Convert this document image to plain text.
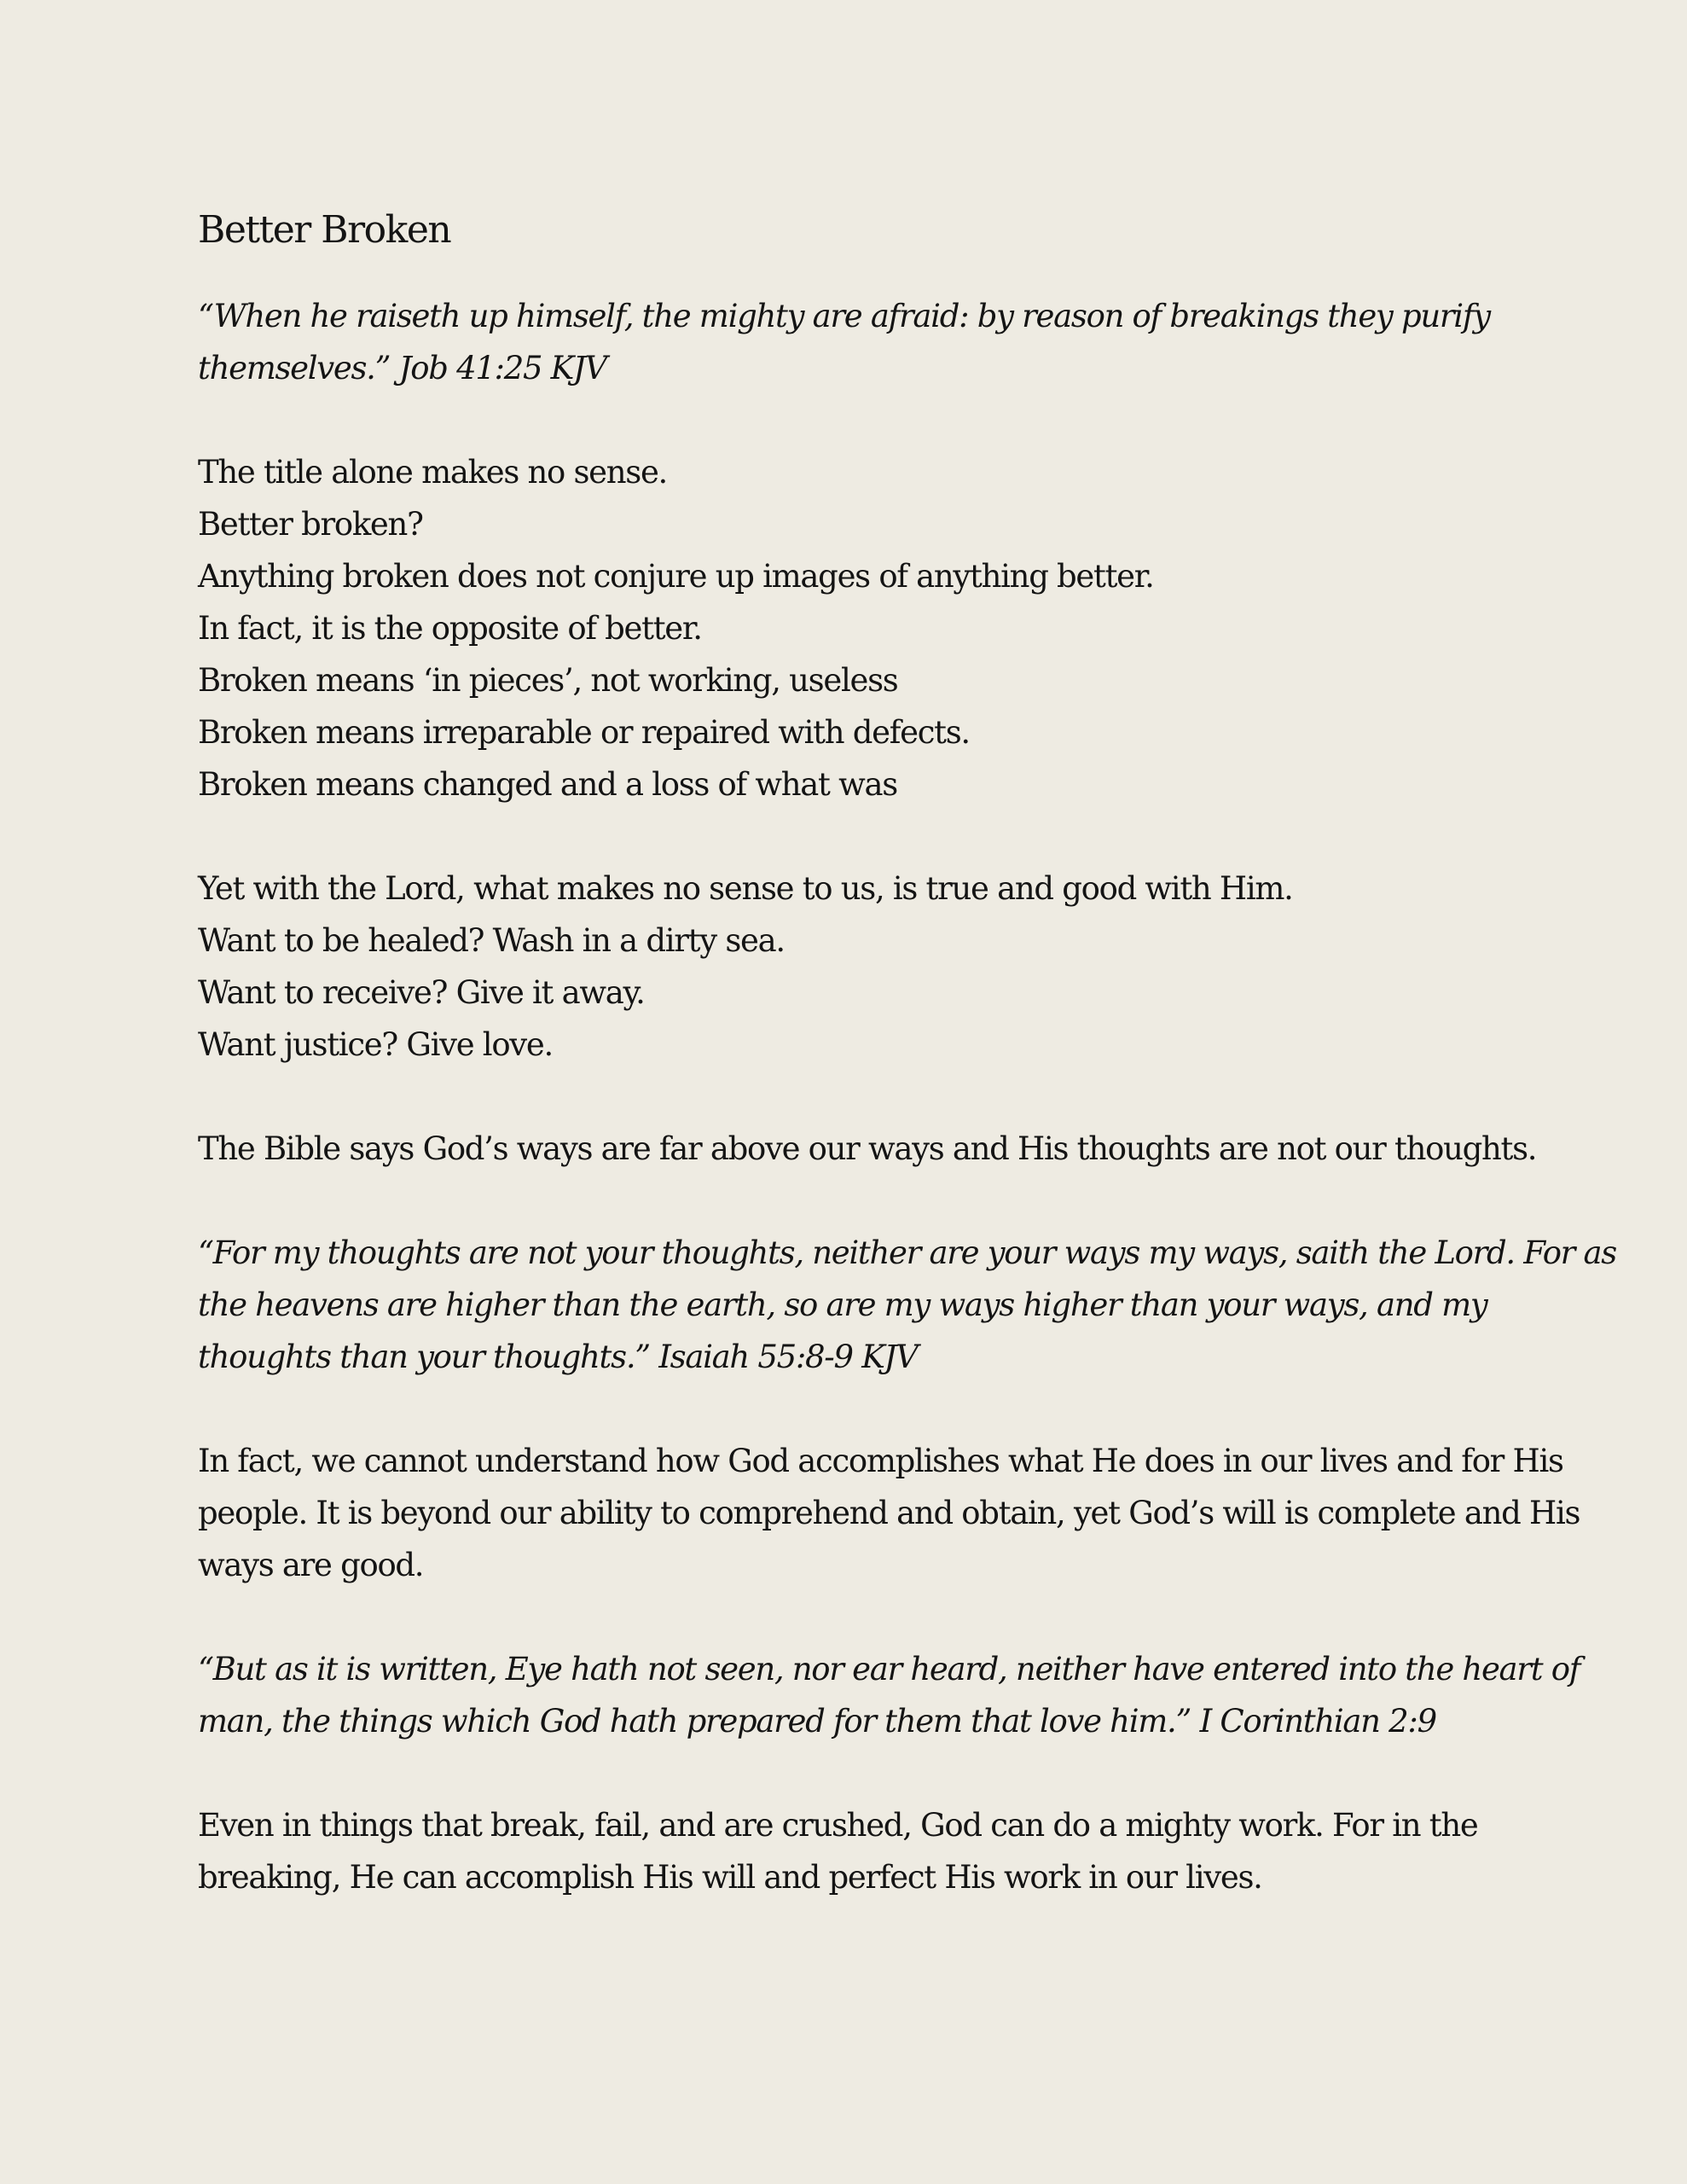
Better Broken
“When he raiseth up himself, the mighty are afraid: by reason of breakings they purify
themselves.” Job 41:25 KJV
The title alone makes no sense.
Better broken?
Anything broken does not conjure up images of anything better.
In fact, it is the opposite of better.
Broken means ‘in pieces’, not working, useless
Broken means irreparable or repaired with defects.
Broken means changed and a loss of what was
Yet with the Lord, what makes no sense to us, is true and good with Him.
Want to be healed? Wash in a dirty sea.
Want to receive? Give it away.
Want justice? Give love.
The Bible says God’s ways are far above our ways and His thoughts are not our thoughts.
“For my thoughts are not your thoughts, neither are your ways my ways, saith the Lord. For as
the heavens are higher than the earth, so are my ways higher than your ways, and my
thoughts than your thoughts.” Isaiah 55:8-9 KJV
In fact, we cannot understand how God accomplishes what He does in our lives and for His
people. It is beyond our ability to comprehend and obtain, yet God’s will is complete and His
ways are good.
“But as it is written, Eye hath not seen, nor ear heard, neither have entered into the heart of
man, the things which God hath prepared for them that love him.” I Corinthian 2:9
Even in things that break, fail, and are crushed, God can do a mighty work. For in the
breaking, He can accomplish His will and perfect His work in our lives.
